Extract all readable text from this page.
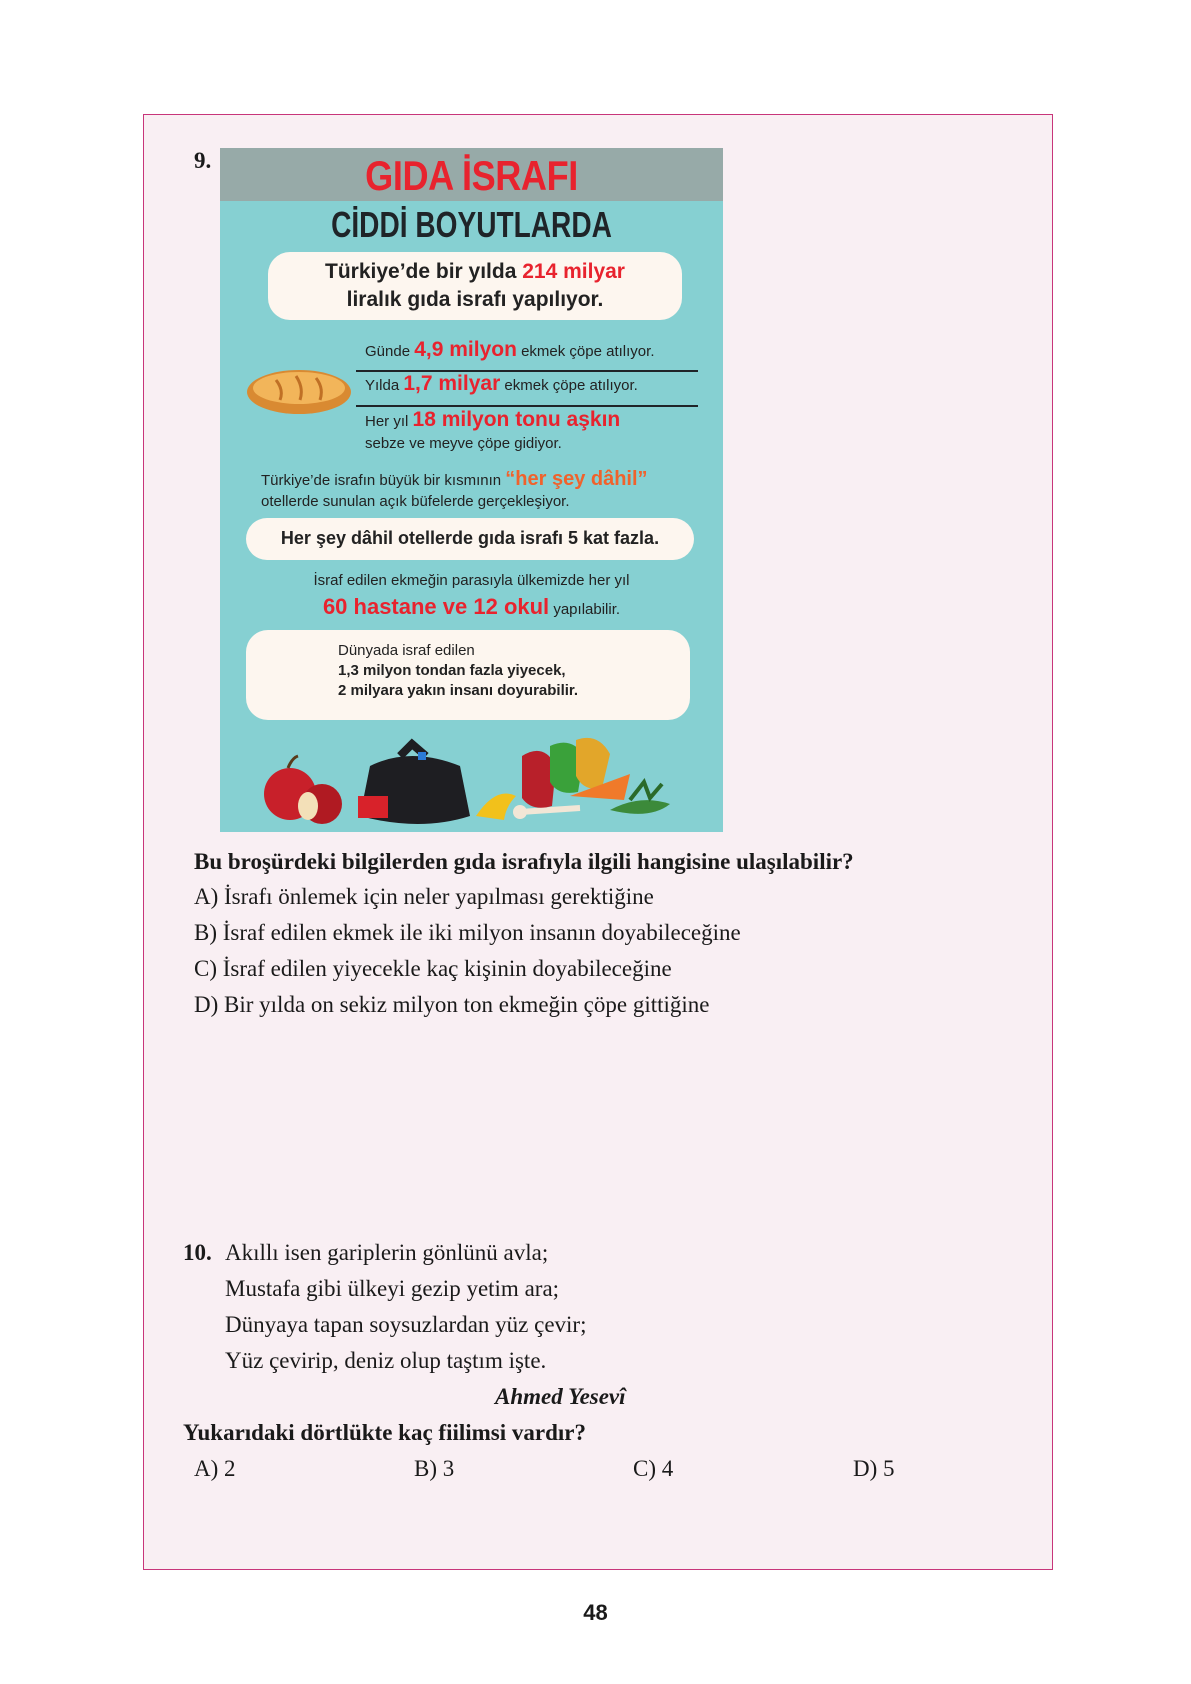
9.	GIDA İSRAFI
CİDDİ BOYUTLARDA
Türkiye’de bir yılda 214 milyar
liralık gıda israfı yapılıyor.
Günde 4,9 milyon ekmek çöpe atılıyor.
Yılda 1,7 milyar ekmek çöpe atılıyor.
Her yıl 18 milyon tonu aşkın
sebze ve meyve çöpe gidiyor.
Türkiye’de israfın büyük bir kısmının “her şey dâhil”
otellerde sunulan açık büfelerde gerçekleşiyor.
Her şey dâhil otellerde gıda israfı 5 kat fazla.
İsraf edilen ekmeğin parasıyla ülkemizde her yıl
60 hastane ve 12 okul yapılabilir.
Dünyada israf edilen
1,3 milyon tondan fazla yiyecek,
2 milyara yakın insanı doyurabilir.
Bu broşürdeki bilgilerden gıda israfıyla ilgili hangisine ulaşılabilir?
A) İsrafı önlemek için neler yapılması gerektiğine
B) İsraf edilen ekmek ile iki milyon insanın doyabileceğine
C) İsraf edilen yiyecekle kaç kişinin doyabileceğine
D) Bir yılda on sekiz milyon ton ekmeğin çöpe gittiğine
10. Akıllı isen gariplerin gönlünü avla;
Mustafa gibi ülkeyi gezip yetim ara;
Dünyaya tapan soysuzlardan yüz çevir;
Yüz çevirip, deniz olup taştım işte.
Ahmed Yesevî
Yukarıdaki dörtlükte kaç fiilimsi vardır?
A) 2	B) 3	C) 4	D) 5
48
